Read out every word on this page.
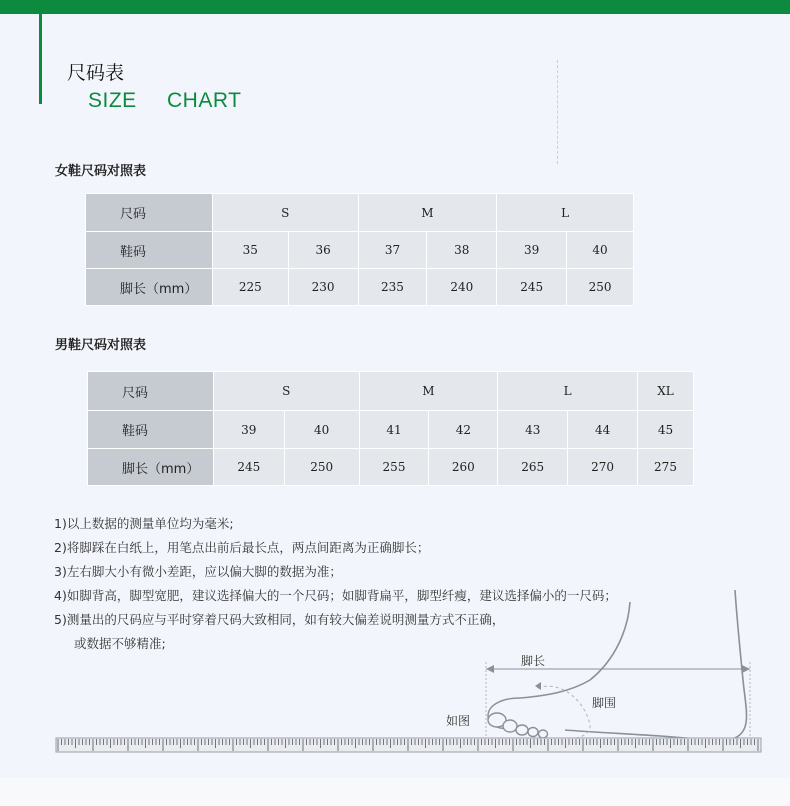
尺码表
SIZE CHART
女鞋尺码对照表
尺码	S		M		L	
鞋码	35	36	37	38	39	40
脚长（mm）	225	230	235	240	245	250
男鞋尺码对照表
尺码	S		M		L		XL
鞋码	39	40	41	42	43	44	45
脚长（mm）	245	250	255	260	265	270	275
1)以上数据的测量单位均为毫米;
2)将脚踩在白纸上，用笔点出前后最长点，两点间距离为正确脚长；
3)左右脚大小有微小差距，应以偏大脚的数据为准；
4)如脚背高，脚型宽肥，建议选择偏大的一个尺码；如脚背扁平，脚型纤瘦，建议选择偏小的一尺码；
5)测量出的尺码应与平时穿着尺码大致相同，如有较大偏差说明测量方式不正确，
或数据不够精准;
脚长
脚围
如图
